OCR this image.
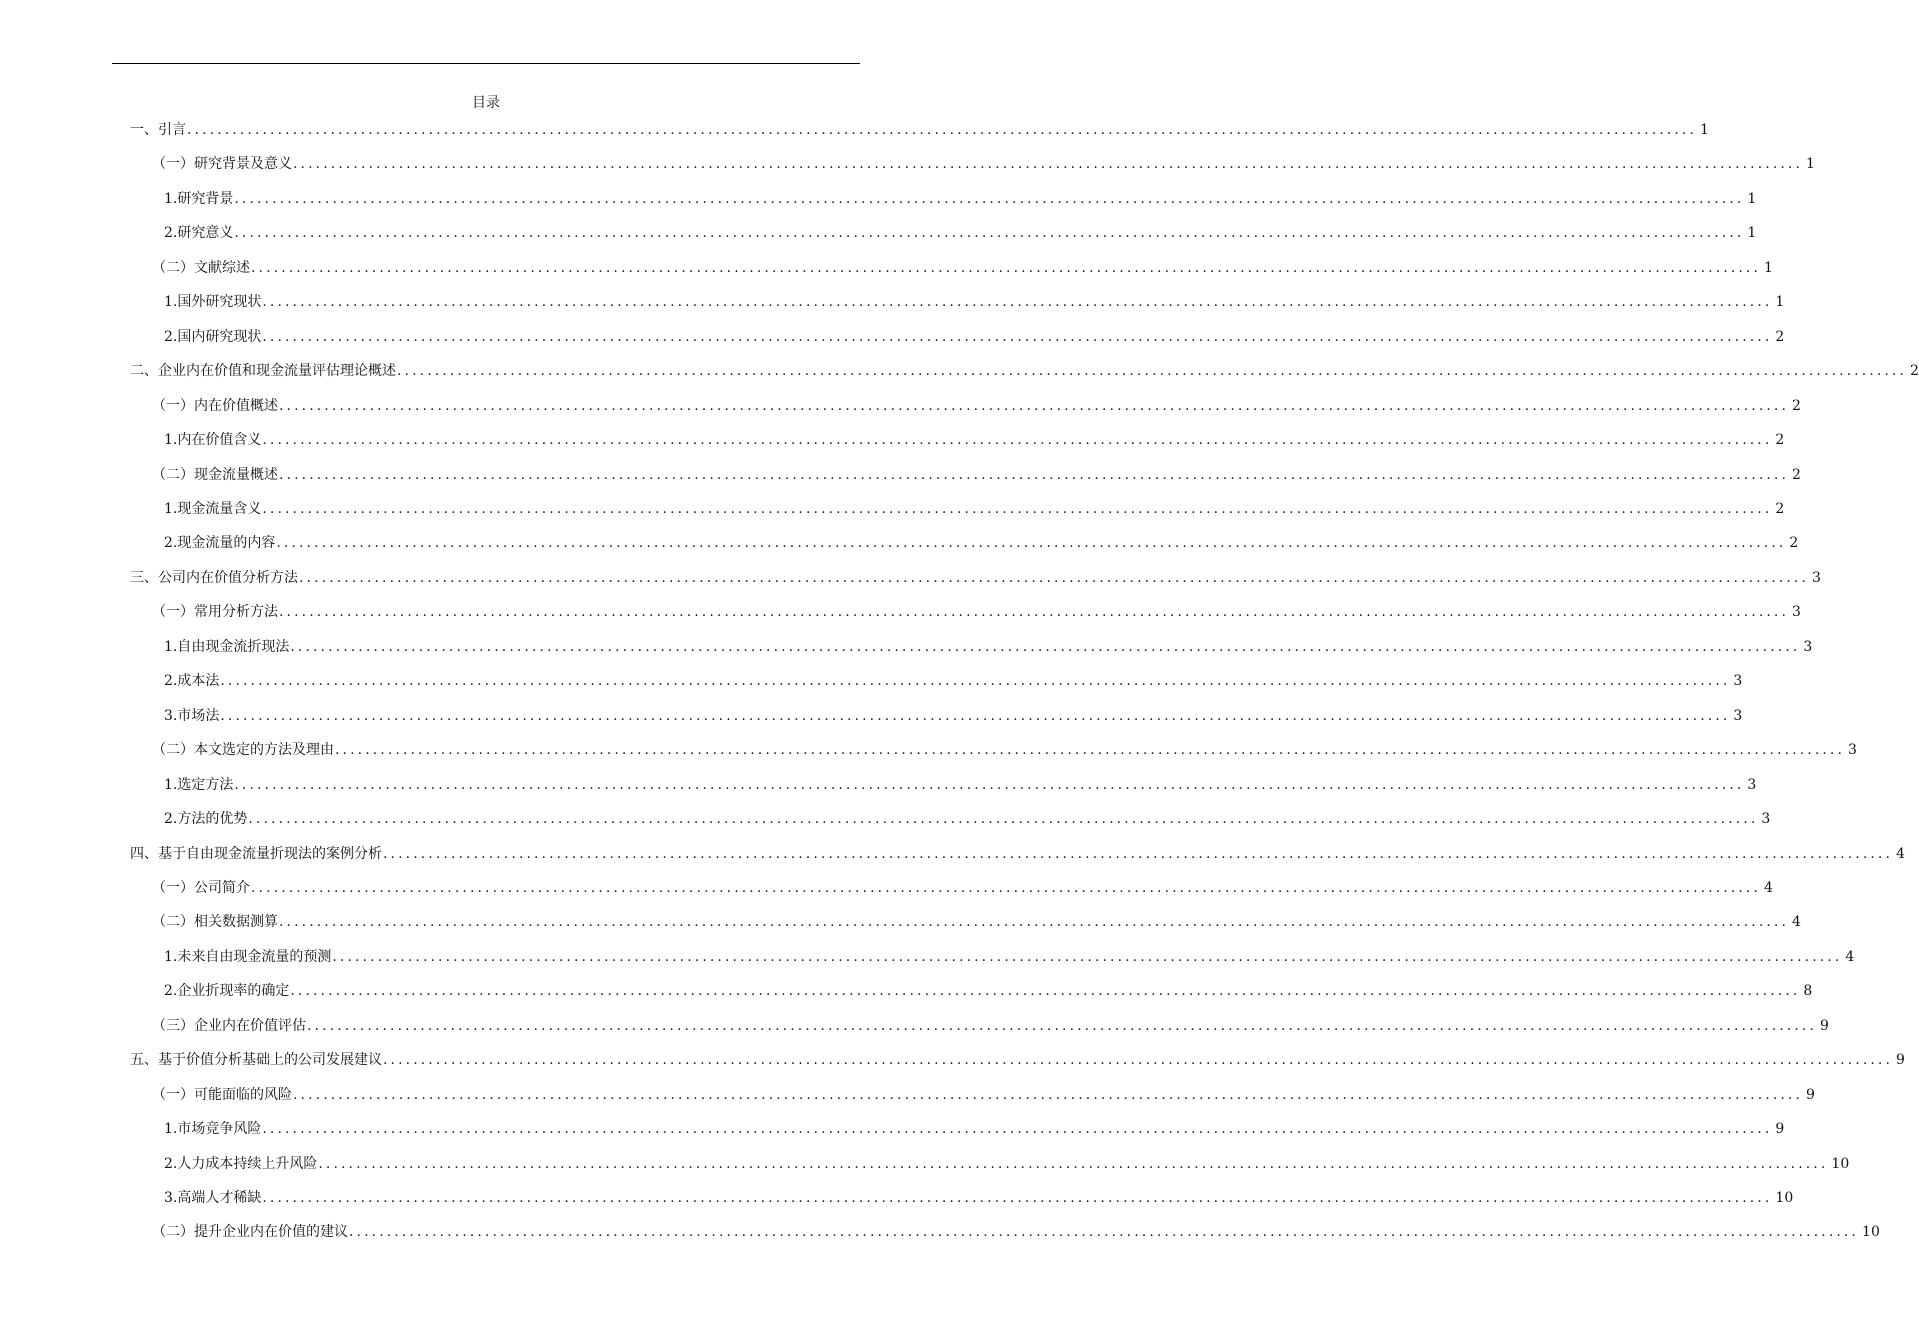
目录
一、引言 ........................................................................................................................................................................................................ 1
（一）研究背景及意义 ........................................................................................................................................................................................................ 1
1.研究背景 ........................................................................................................................................................................................................ 1
2.研究意义 ........................................................................................................................................................................................................ 1
（二）文献综述 ........................................................................................................................................................................................................ 1
1.国外研究现状 ........................................................................................................................................................................................................ 1
2.国内研究现状 ........................................................................................................................................................................................................ 2
二、企业内在价值和现金流量评估理论概述 ........................................................................................................................................................................................................ 2
（一）内在价值概述 ........................................................................................................................................................................................................ 2
1.内在价值含义 ........................................................................................................................................................................................................ 2
（二）现金流量概述 ........................................................................................................................................................................................................ 2
1.现金流量含义 ........................................................................................................................................................................................................ 2
2.现金流量的内容 ........................................................................................................................................................................................................ 2
三、公司内在价值分析方法 ........................................................................................................................................................................................................ 3
（一）常用分析方法 ........................................................................................................................................................................................................ 3
1.自由现金流折现法 ........................................................................................................................................................................................................ 3
2.成本法 ........................................................................................................................................................................................................ 3
3.市场法 ........................................................................................................................................................................................................ 3
（二）本文选定的方法及理由 ........................................................................................................................................................................................................ 3
1.选定方法 ........................................................................................................................................................................................................ 3
2.方法的优势 ........................................................................................................................................................................................................ 3
四、基于自由现金流量折现法的案例分析 ........................................................................................................................................................................................................ 4
（一）公司简介 ........................................................................................................................................................................................................ 4
（二）相关数据测算 ........................................................................................................................................................................................................ 4
1.未来自由现金流量的预测 ........................................................................................................................................................................................................ 4
2.企业折现率的确定 ........................................................................................................................................................................................................ 8
（三）企业内在价值评估 ........................................................................................................................................................................................................ 9
五、基于价值分析基础上的公司发展建议 ........................................................................................................................................................................................................ 9
（一）可能面临的风险 ........................................................................................................................................................................................................ 9
1.市场竞争风险 ........................................................................................................................................................................................................ 9
2.人力成本持续上升风险 ........................................................................................................................................................................................................ 10
3.高端人才稀缺 ........................................................................................................................................................................................................ 10
（二）提升企业内在价值的建议 ........................................................................................................................................................................................................ 10
